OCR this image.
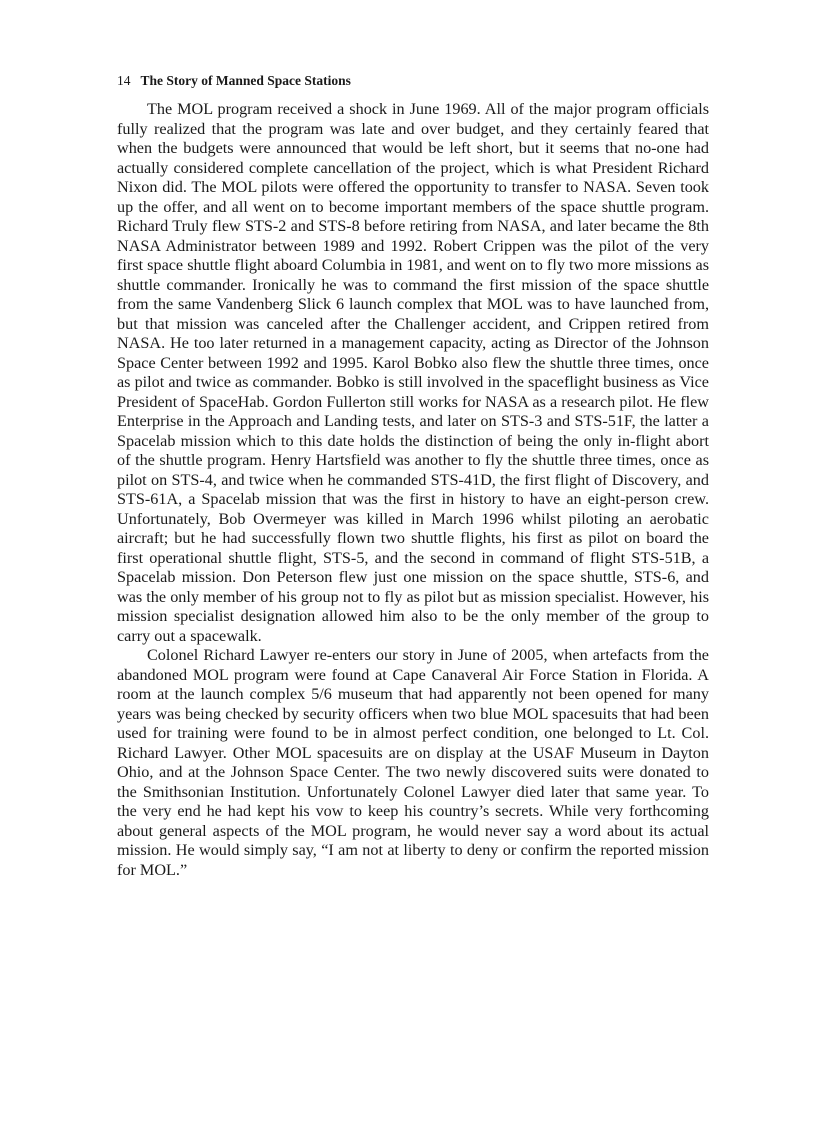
14 The Story of Manned Space Stations

The MOL program received a shock in June 1969. All of the major program officials fully realized that the program was late and over budget, and they certainly feared that when the budgets were announced that would be left short, but it seems that no-one had actually considered complete cancellation of the project, which is what President Richard Nixon did. The MOL pilots were offered the opportunity to transfer to NASA. Seven took up the offer, and all went on to become important members of the space shuttle program. Richard Truly flew STS-2 and STS-8 before retiring from NASA, and later became the 8th NASA Administrator between 1989 and 1992. Robert Crippen was the pilot of the very first space shuttle flight aboard Columbia in 1981, and went on to fly two more missions as shuttle commander. Ironically he was to command the first mission of the space shuttle from the same Vandenberg Slick 6 launch complex that MOL was to have launched from, but that mission was canceled after the Challenger accident, and Crippen retired from NASA. He too later returned in a management capacity, acting as Director of the Johnson Space Center between 1992 and 1995. Karol Bobko also flew the shuttle three times, once as pilot and twice as commander. Bobko is still involved in the spaceflight business as Vice President of SpaceHab. Gordon Fullerton still works for NASA as a research pilot. He flew Enterprise in the Approach and Landing tests, and later on STS-3 and STS-51F, the latter a Spacelab mission which to this date holds the distinction of being the only in-flight abort of the shuttle program. Henry Hartsfield was another to fly the shuttle three times, once as pilot on STS-4, and twice when he commanded STS-41D, the first flight of Discovery, and STS-61A, a Spacelab mission that was the first in history to have an eight-person crew. Unfortunately, Bob Overmeyer was killed in March 1996 whilst piloting an aerobatic aircraft; but he had successfully flown two shuttle flights, his first as pilot on board the first operational shuttle flight, STS-5, and the second in command of flight STS-51B, a Spacelab mission. Don Peterson flew just one mission on the space shuttle, STS-6, and was the only member of his group not to fly as pilot but as mission specialist. However, his mission specialist designation allowed him also to be the only member of the group to carry out a spacewalk.

Colonel Richard Lawyer re-enters our story in June of 2005, when artefacts from the abandoned MOL program were found at Cape Canaveral Air Force Station in Florida. A room at the launch complex 5/6 museum that had apparently not been opened for many years was being checked by security officers when two blue MOL spacesuits that had been used for training were found to be in almost perfect condition, one belonged to Lt. Col. Richard Lawyer. Other MOL spacesuits are on display at the USAF Museum in Dayton Ohio, and at the Johnson Space Center. The two newly discovered suits were donated to the Smithsonian Institution. Unfortunately Colonel Lawyer died later that same year. To the very end he had kept his vow to keep his country’s secrets. While very forthcoming about general aspects of the MOL program, he would never say a word about its actual mission. He would simply say, “I am not at liberty to deny or confirm the reported mission for MOL.”
